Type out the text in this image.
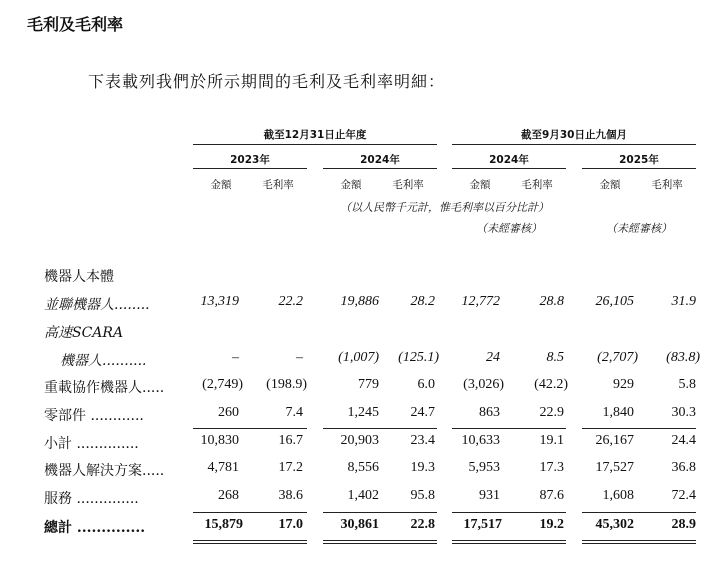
毛利及毛利率
下表載列我們於所示期間的毛利及毛利率明細：
截至12月31日止年度	截至9月30日止九個月
2023年	2024年	2024年	2025年
金額	毛利率	金額	毛利率	金額	毛利率	金額	毛利率
（以人民幣千元計，惟毛利率以百分比計）
（未經審核）	（未經審核）
機器人本體
並聯機器人........	13,319	22.2	19,886	28.2	12,772	28.8	26,105	31.9
高速SCARA
機器人..........	–	–	(1,007)	(125.1)	24	8.5	(2,707)	(83.8)
重載協作機器人.....	(2,749)	(198.9)	779	6.0	(3,026)	(42.2)	929	5.8
零部件 ............	260	7.4	1,245	24.7	863	22.9	1,840	30.3
小計 ..............	10,830	16.7	20,903	23.4	10,633	19.1	26,167	24.4
機器人解決方案.....	4,781	17.2	8,556	19.3	5,953	17.3	17,527	36.8
服務 ..............	268	38.6	1,402	95.8	931	87.6	1,608	72.4
總計 ..............	15,879	17.0	30,861	22.8	17,517	19.2	45,302	28.9
